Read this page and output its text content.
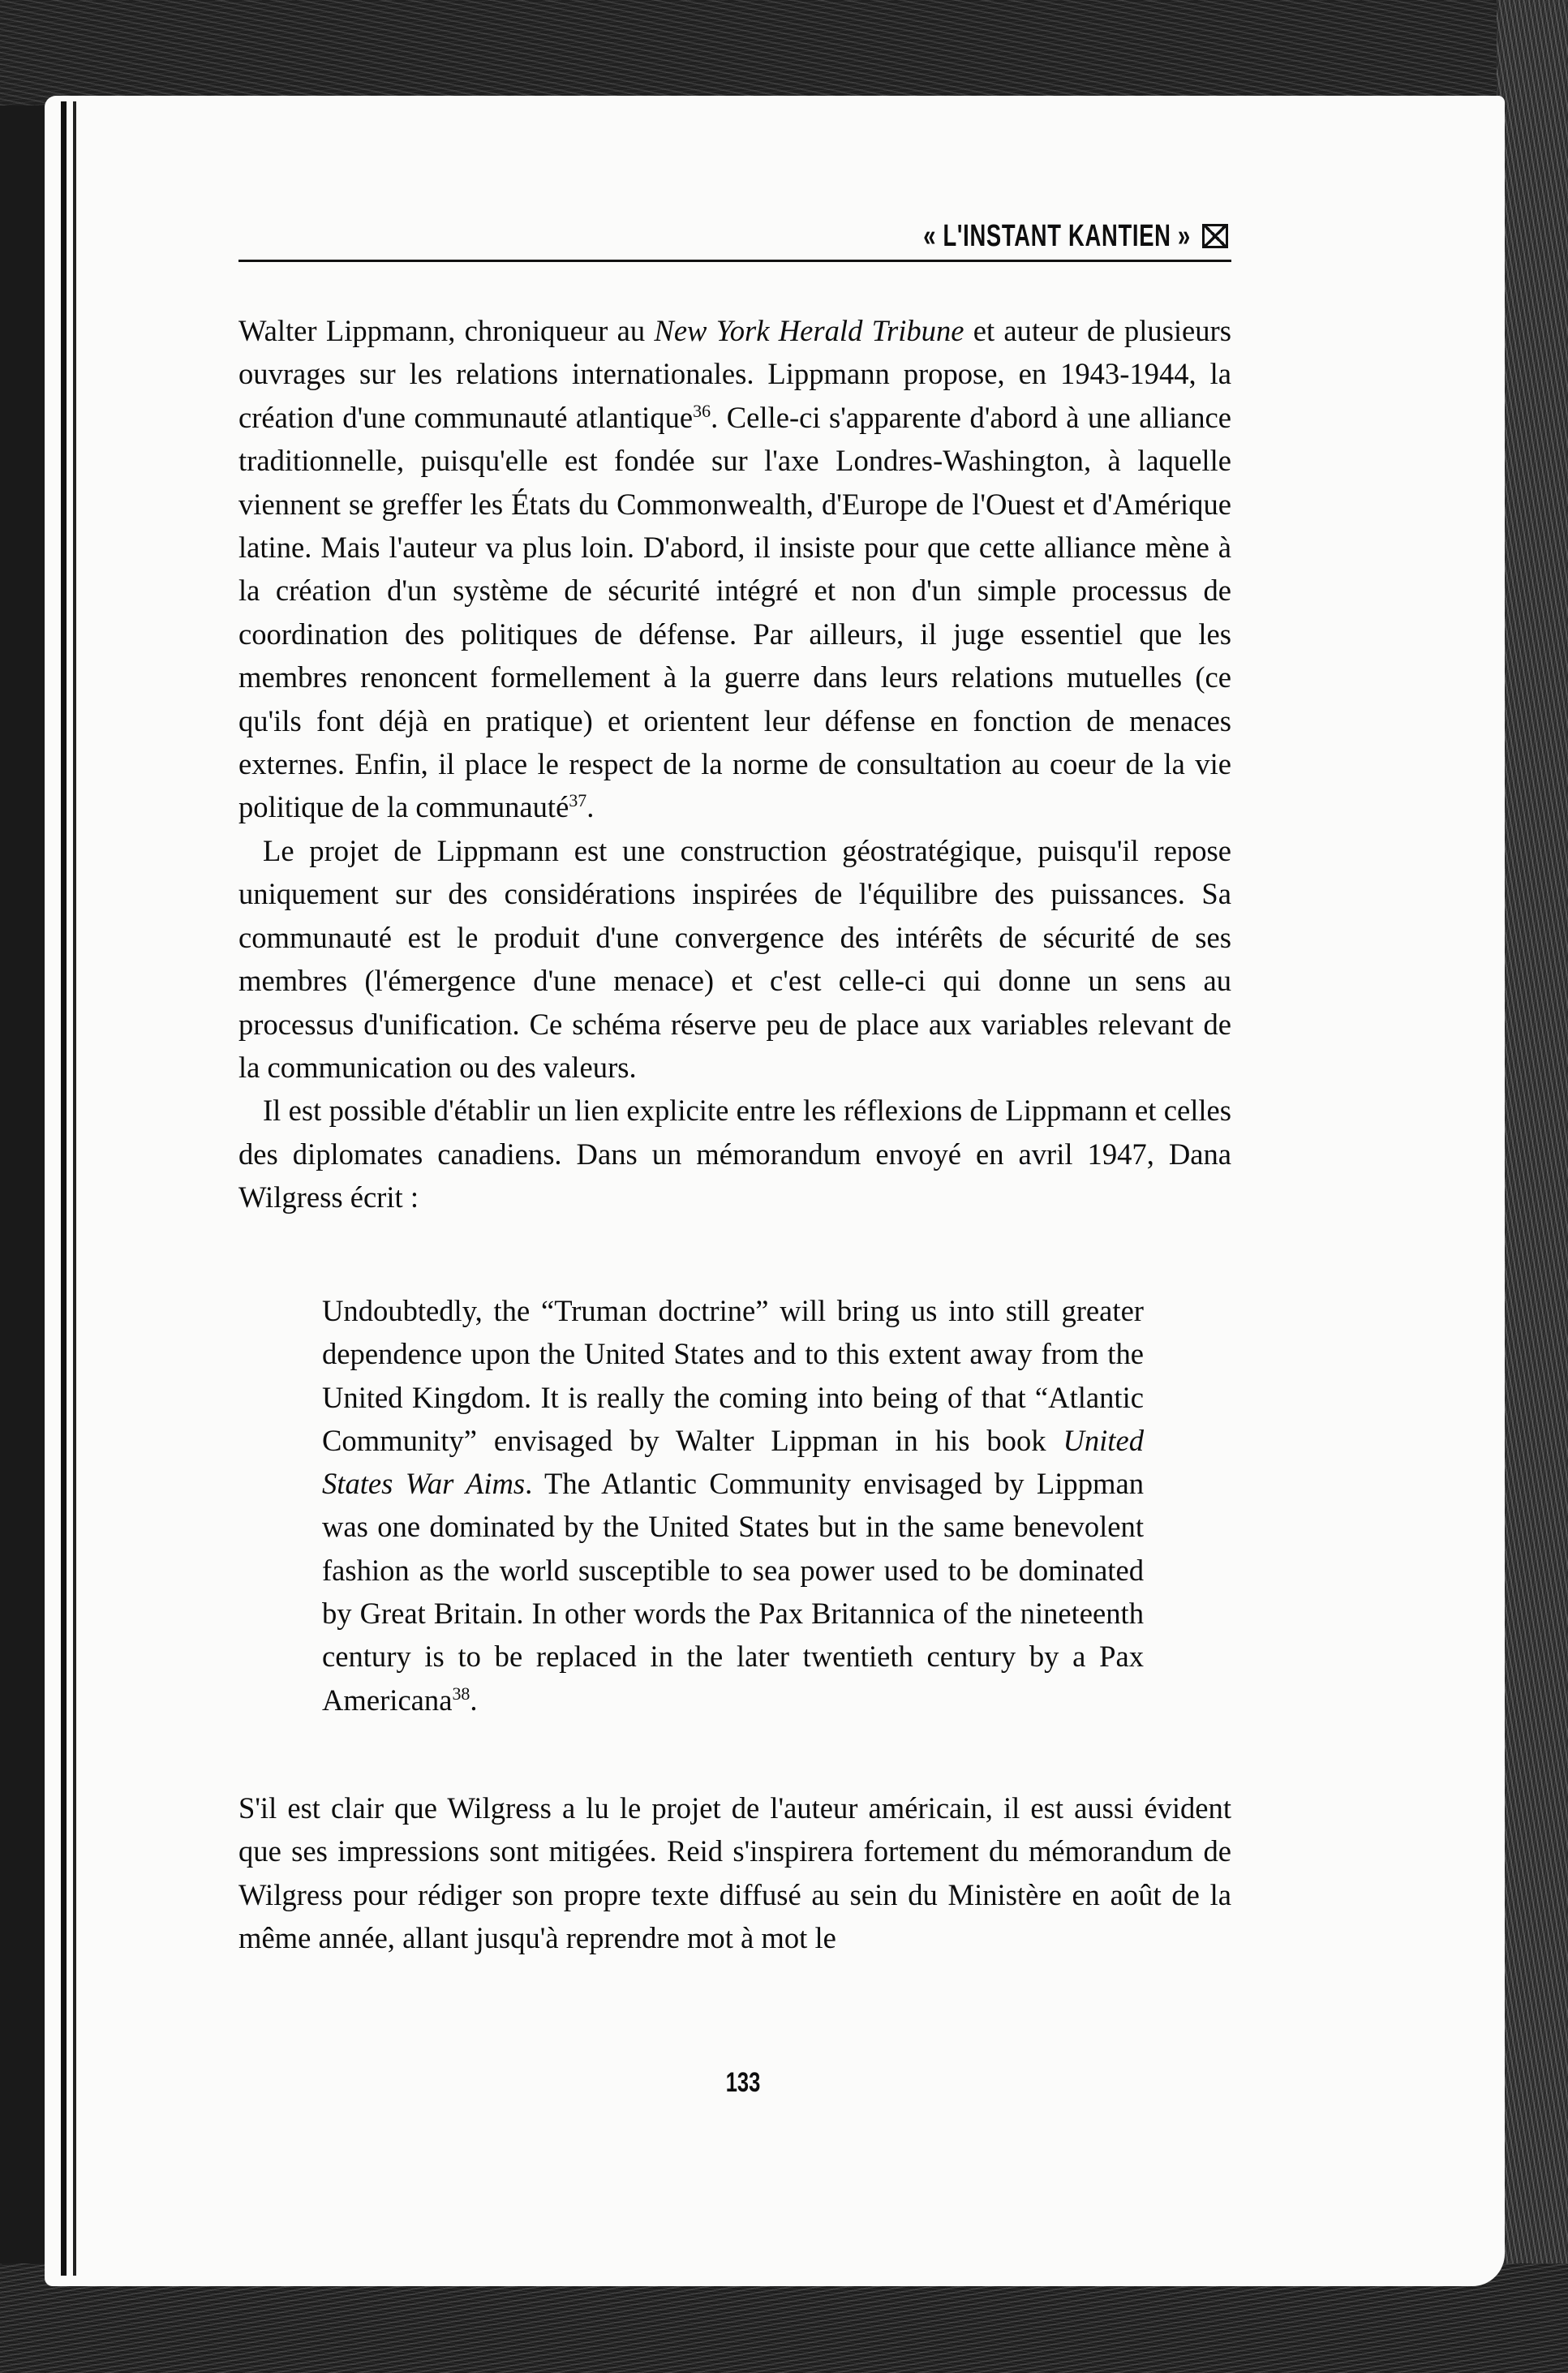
« L'INSTANT KANTIEN »

Walter Lippmann, chroniqueur au New York Herald Tribune et auteur de plusieurs ouvrages sur les relations internationales. Lippmann propose, en 1943-1944, la création d'une communauté atlantique$^{36}$. Celle-ci s'apparente d'abord à une alliance traditionnelle, puisqu'elle est fondée sur l'axe Londres-Washington, à laquelle viennent se greffer les États du Commonwealth, d'Europe de l'Ouest et d'Amérique latine. Mais l'auteur va plus loin. D'abord, il insiste pour que cette alliance mène à la création d'un système de sécurité intégré et non d'un simple processus de coordination des politiques de défense. Par ailleurs, il juge essentiel que les membres renoncent formellement à la guerre dans leurs relations mutuelles (ce qu'ils font déjà en pratique) et orientent leur défense en fonction de menaces externes. Enfin, il place le respect de la norme de consultation au coeur de la vie politique de la communauté$^{37}$.

Le projet de Lippmann est une construction géostratégique, puisqu'il repose uniquement sur des considérations inspirées de l'équilibre des puissances. Sa communauté est le produit d'une convergence des intérêts de sécurité de ses membres (l'émergence d'une menace) et c'est celle-ci qui donne un sens au processus d'unification. Ce schéma réserve peu de place aux variables relevant de la communication ou des valeurs.

Il est possible d'établir un lien explicite entre les réflexions de Lippmann et celles des diplomates canadiens. Dans un mémorandum envoyé en avril 1947, Dana Wilgress écrit :

Undoubtedly, the “Truman doctrine” will bring us into still greater dependence upon the United States and to this extent away from the United Kingdom. It is really the coming into being of that “Atlantic Community” envisaged by Walter Lippman in his book United States War Aims. The Atlantic Community envisaged by Lippman was one dominated by the United States but in the same benevolent fashion as the world susceptible to sea power used to be dominated by Great Britain. In other words the Pax Britannica of the nineteenth century is to be replaced in the later twentieth century by a Pax Americana$^{38}$.

S'il est clair que Wilgress a lu le projet de l'auteur américain, il est aussi évident que ses impressions sont mitigées. Reid s'inspirera fortement du mémorandum de Wilgress pour rédiger son propre texte diffusé au sein du Ministère en août de la même année, allant jusqu'à reprendre mot à mot le

133
